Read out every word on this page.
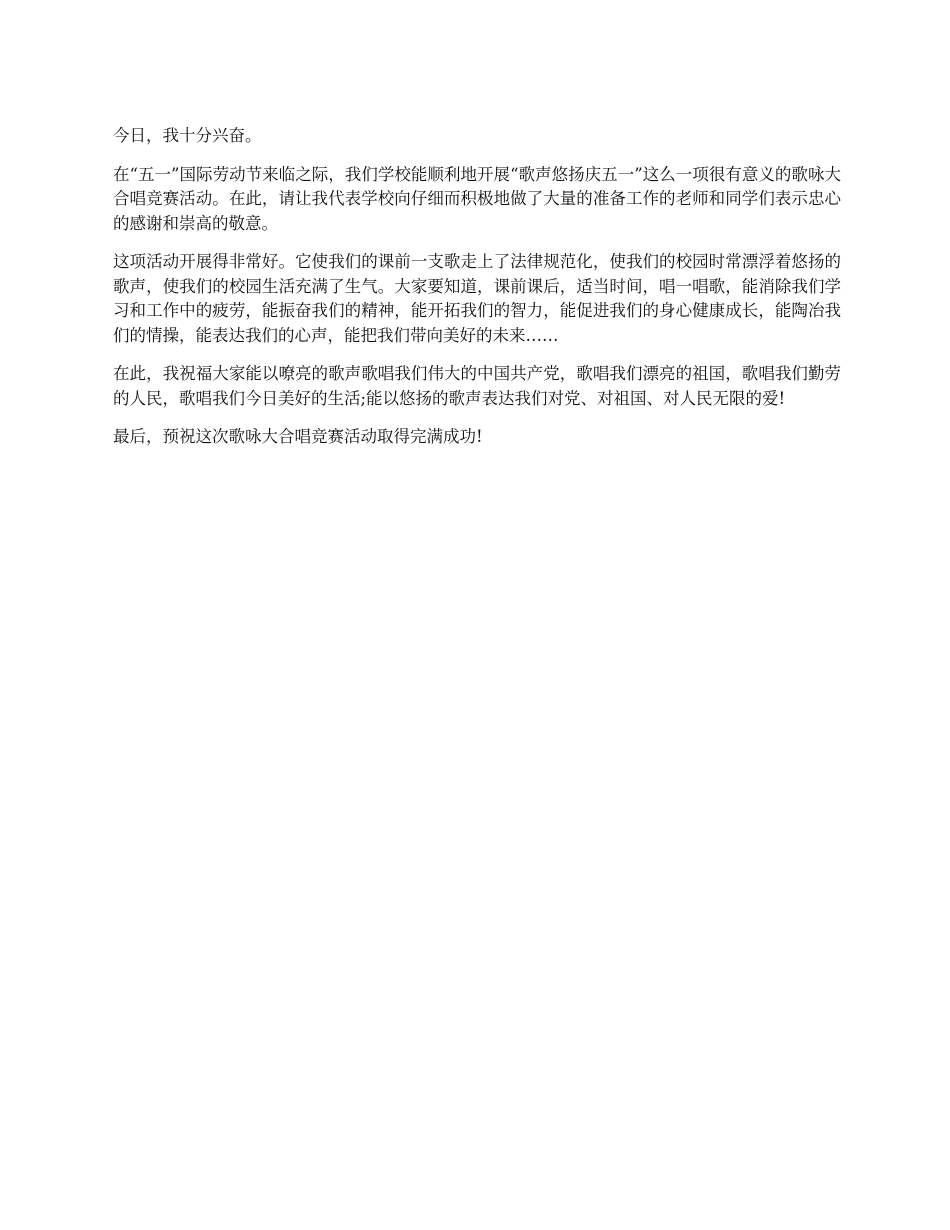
今日，我十分兴奋。

在“五一”国际劳动节来临之际，我们学校能顺利地开展“歌声悠扬庆五一”这么一项很有意义的歌咏大合唱竞赛活动。在此，请让我代表学校向仔细而积极地做了大量的准备工作的老师和同学们表示忠心的感谢和崇高的敬意。

这项活动开展得非常好。它使我们的课前一支歌走上了法律规范化，使我们的校园时常漂浮着悠扬的歌声，使我们的校园生活充满了生气。大家要知道，课前课后，适当时间，唱一唱歌，能消除我们学习和工作中的疲劳，能振奋我们的精神，能开拓我们的智力，能促进我们的身心健康成长，能陶冶我们的情操，能表达我们的心声，能把我们带向美好的未来……

在此，我祝福大家能以嘹亮的歌声歌唱我们伟大的中国共产党，歌唱我们漂亮的祖国，歌唱我们勤劳的人民，歌唱我们今日美好的生活;能以悠扬的歌声表达我们对党、对祖国、对人民无限的爱!

最后，预祝这次歌咏大合唱竞赛活动取得完满成功!
